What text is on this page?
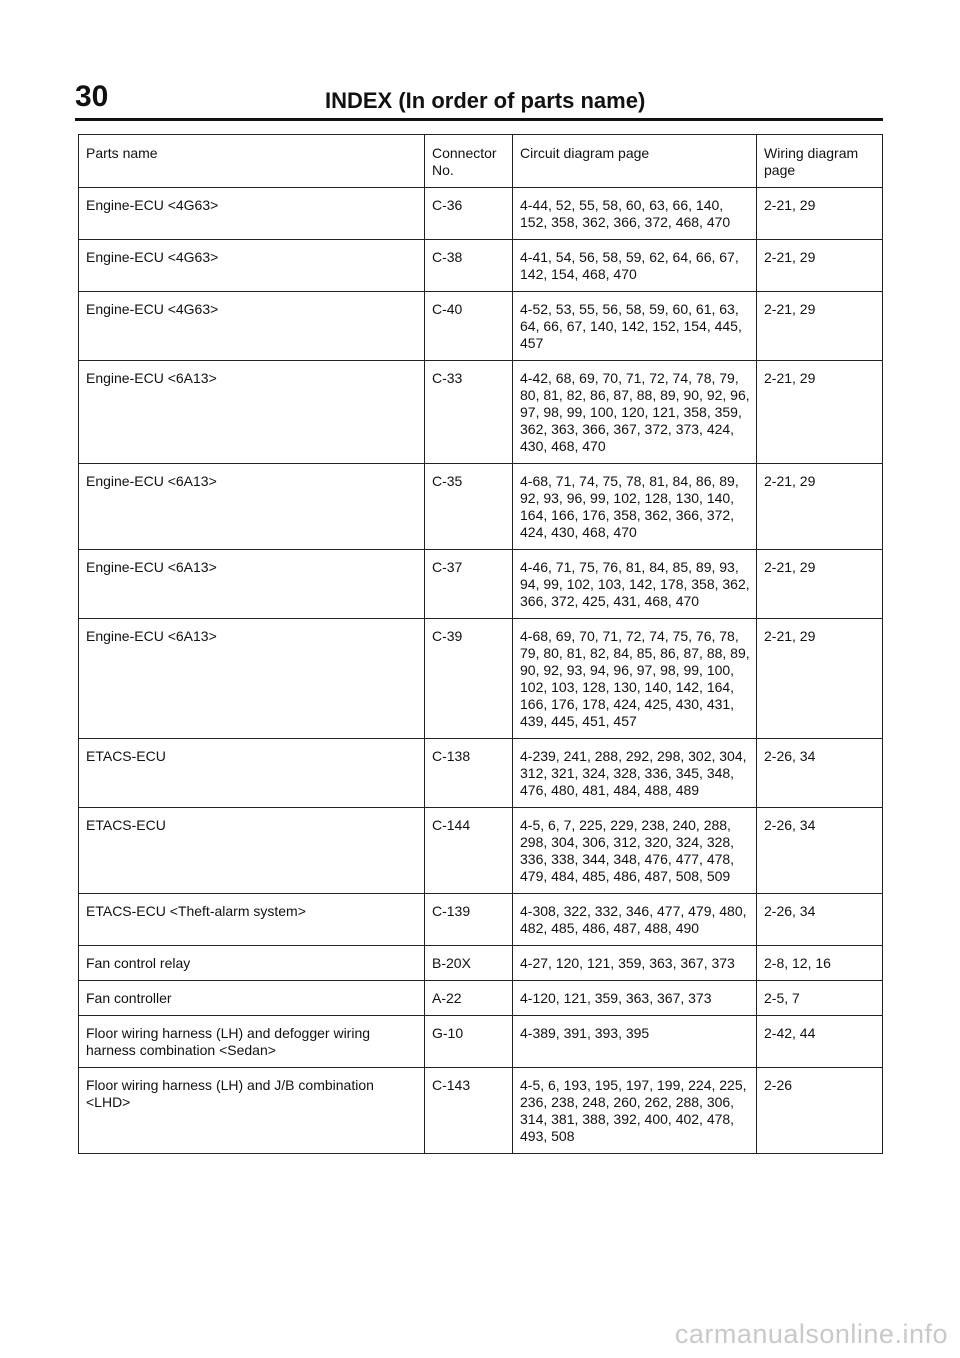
30	INDEX (In order of parts name)
Parts name	Connector No.	Circuit diagram page	Wiring diagram page
Engine-ECU <4G63>	C-36	4-44, 52, 55, 58, 60, 63, 66, 140, 152, 358, 362, 366, 372, 468, 470	2-21, 29
Engine-ECU <4G63>	C-38	4-41, 54, 56, 58, 59, 62, 64, 66, 67, 142, 154, 468, 470	2-21, 29
Engine-ECU <4G63>	C-40	4-52, 53, 55, 56, 58, 59, 60, 61, 63, 64, 66, 67, 140, 142, 152, 154, 445, 457	2-21, 29
Engine-ECU <6A13>	C-33	4-42, 68, 69, 70, 71, 72, 74, 78, 79, 80, 81, 82, 86, 87, 88, 89, 90, 92, 96, 97, 98, 99, 100, 120, 121, 358, 359, 362, 363, 366, 367, 372, 373, 424, 430, 468, 470	2-21, 29
Engine-ECU <6A13>	C-35	4-68, 71, 74, 75, 78, 81, 84, 86, 89, 92, 93, 96, 99, 102, 128, 130, 140, 164, 166, 176, 358, 362, 366, 372, 424, 430, 468, 470	2-21, 29
Engine-ECU <6A13>	C-37	4-46, 71, 75, 76, 81, 84, 85, 89, 93, 94, 99, 102, 103, 142, 178, 358, 362, 366, 372, 425, 431, 468, 470	2-21, 29
Engine-ECU <6A13>	C-39	4-68, 69, 70, 71, 72, 74, 75, 76, 78, 79, 80, 81, 82, 84, 85, 86, 87, 88, 89, 90, 92, 93, 94, 96, 97, 98, 99, 100, 102, 103, 128, 130, 140, 142, 164, 166, 176, 178, 424, 425, 430, 431, 439, 445, 451, 457	2-21, 29
ETACS-ECU	C-138	4-239, 241, 288, 292, 298, 302, 304, 312, 321, 324, 328, 336, 345, 348, 476, 480, 481, 484, 488, 489	2-26, 34
ETACS-ECU	C-144	4-5, 6, 7, 225, 229, 238, 240, 288, 298, 304, 306, 312, 320, 324, 328, 336, 338, 344, 348, 476, 477, 478, 479, 484, 485, 486, 487, 508, 509	2-26, 34
ETACS-ECU <Theft-alarm system>	C-139	4-308, 322, 332, 346, 477, 479, 480, 482, 485, 486, 487, 488, 490	2-26, 34
Fan control relay	B-20X	4-27, 120, 121, 359, 363, 367, 373	2-8, 12, 16
Fan controller	A-22	4-120, 121, 359, 363, 367, 373	2-5, 7
Floor wiring harness (LH) and defogger wiring harness combination <Sedan>	G-10	4-389, 391, 393, 395	2-42, 44
Floor wiring harness (LH) and J/B combination <LHD>	C-143	4-5, 6, 193, 195, 197, 199, 224, 225, 236, 238, 248, 260, 262, 288, 306, 314, 381, 388, 392, 400, 402, 478, 493, 508	2-26
carmanualsonline.info
